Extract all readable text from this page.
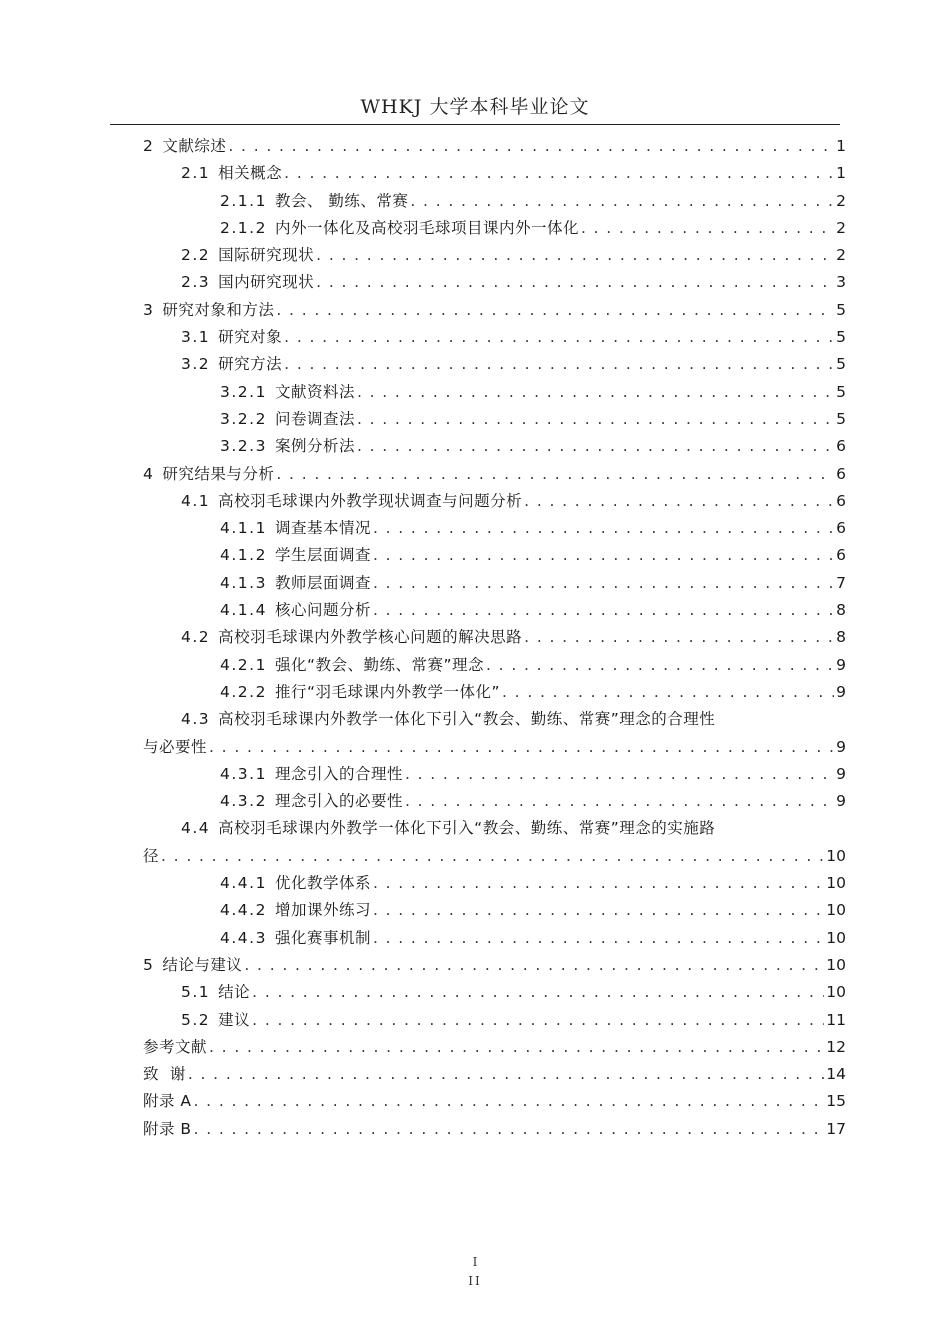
WHKJ 大学本科毕业论文
2 文献综述 . . .	1
2.1 相关概念 . . .	1
2.1.1 教会、 勤练、常赛 . . .	2
2.1.2 内外一体化及高校羽毛球项目课内外一体化 . . .	2
2.2 国际研究现状 . . .	2
2.3 国内研究现状 . . .	3
3 研究对象和方法 . . .	5
3.1 研究对象 . . .	5
3.2 研究方法 . . .	5
3.2.1 文献资料法 . . .	5
3.2.2 问卷调查法 . . .	5
3.2.3 案例分析法 . . .	6
4 研究结果与分析 . . .	6
4.1 高校羽毛球课内外教学现状调查与问题分析 . . .	6
4.1.1 调查基本情况 . . .	6
4.1.2 学生层面调查 . . .	6
4.1.3 教师层面调查 . . .	7
4.1.4 核心问题分析 . . .	8
4.2 高校羽毛球课内外教学核心问题的解决思路 . . .	8
4.2.1 强化“教会、勤练、常赛”理念 . . .	9
4.2.2 推行“羽毛球课内外教学一体化” . . .	9
4.3 高校羽毛球课内外教学一体化下引入“教会、勤练、常赛”理念的合理性
与必要性 . . .	9
4.3.1 理念引入的合理性 . . .	9
4.3.2 理念引入的必要性 . . .	9
4.4 高校羽毛球课内外教学一体化下引入“教会、勤练、常赛”理念的实施路
径 . . .	10
4.4.1 优化教学体系 . . .	10
4.4.2 增加课外练习 . . .	10
4.4.3 强化赛事机制 . . .	10
5 结论与建议 . . .	10
5.1 结论 . . .	10
5.2 建议 . . .	11
参考文献 . . .	12
致  谢 . . .	14
附录 A . . .	15
附录 B . . .	17
I
II
